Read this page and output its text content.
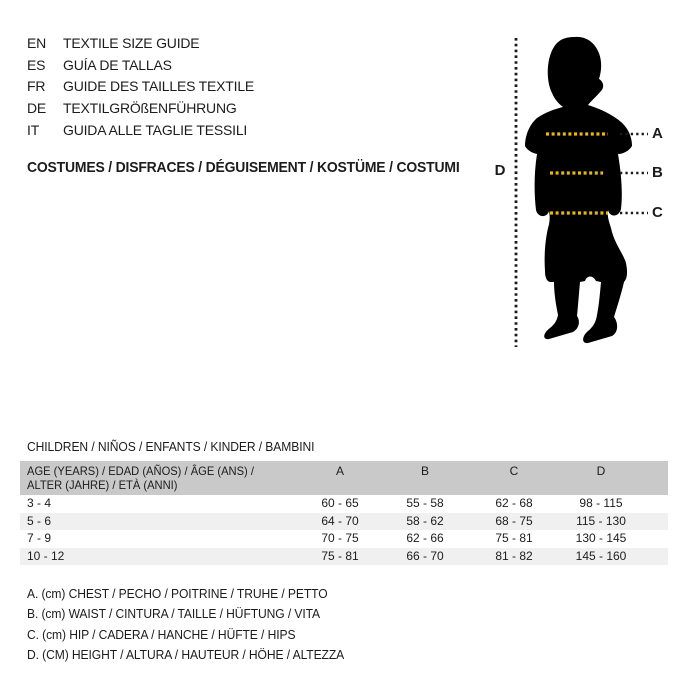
EN TEXTILE SIZE GUIDE
ES GUÍA DE TALLAS
FR GUIDE DES TAILLES TEXTILE
DE TEXTILGRÖßENFÜHRUNG
IT GUIDA ALLE TAGLIE TESSILI
COSTUMES / DISFRACES / DÉGUISEMENT / KOSTÜME / COSTUMI D
A
B
C
CHILDREN / NIÑOS / ENFANTS / KINDER / BAMBINI
AGE (YEARS) / EDAD (AÑOS) / ÂGE (ANS) /
ALTER (JAHRE) / ETÀ (ANNI)
A	B	C	D
3 - 4	60 - 65	55 - 58	62 - 68	98 - 115
5 - 6	64 - 70	58 - 62	68 - 75	115 - 130
7 - 9	70 - 75	62 - 66	75 - 81	130 - 145
10 - 12	75 - 81	66 - 70	81 - 82	145 - 160
A. (cm) CHEST / PECHO / POITRINE / TRUHE / PETTO
B. (cm) WAIST / CINTURA / TAILLE / HÜFTUNG / VITA
C. (cm) HIP / CADERA / HANCHE / HÜFTE / HIPS
D. (CM) HEIGHT / ALTURA / HAUTEUR / HÖHE / ALTEZZA
